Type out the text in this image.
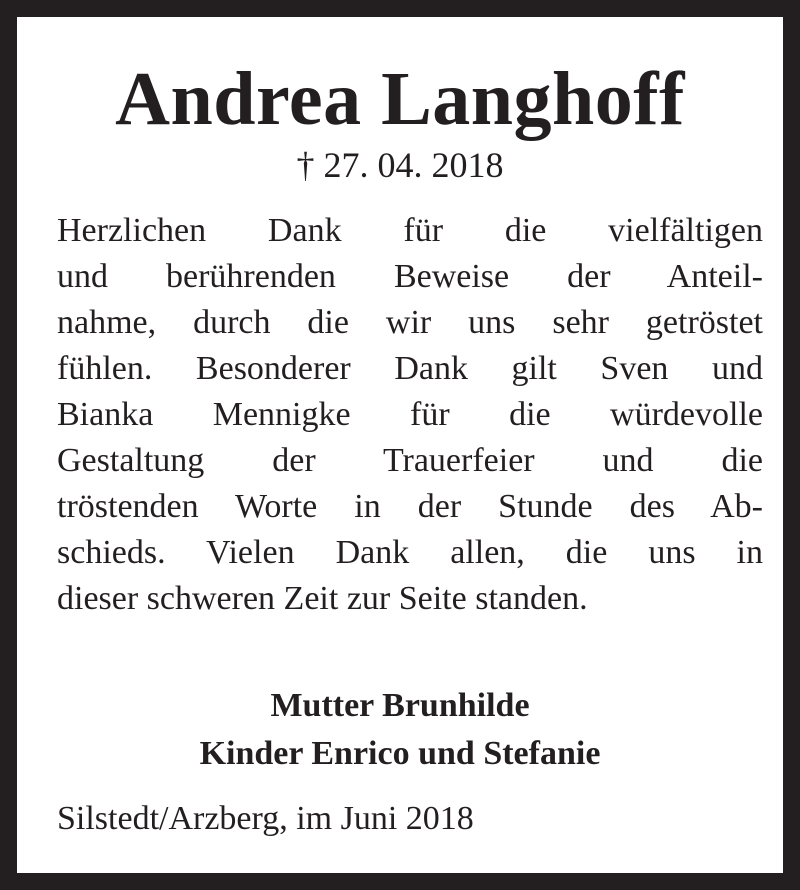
Andrea Langhoff
† 27. 04. 2018
Herzlichen Dank für die vielfältigen
und berührenden Beweise der Anteil-
nahme, durch die wir uns sehr getröstet
fühlen. Besonderer Dank gilt Sven und
Bianka Mennigke für die würdevolle
Gestaltung der Trauerfeier und die
tröstenden Worte in der Stunde des Ab-
schieds. Vielen Dank allen, die uns in
dieser schweren Zeit zur Seite standen.
Mutter Brunhilde
Kinder Enrico und Stefanie
Silstedt/Arzberg, im Juni 2018
